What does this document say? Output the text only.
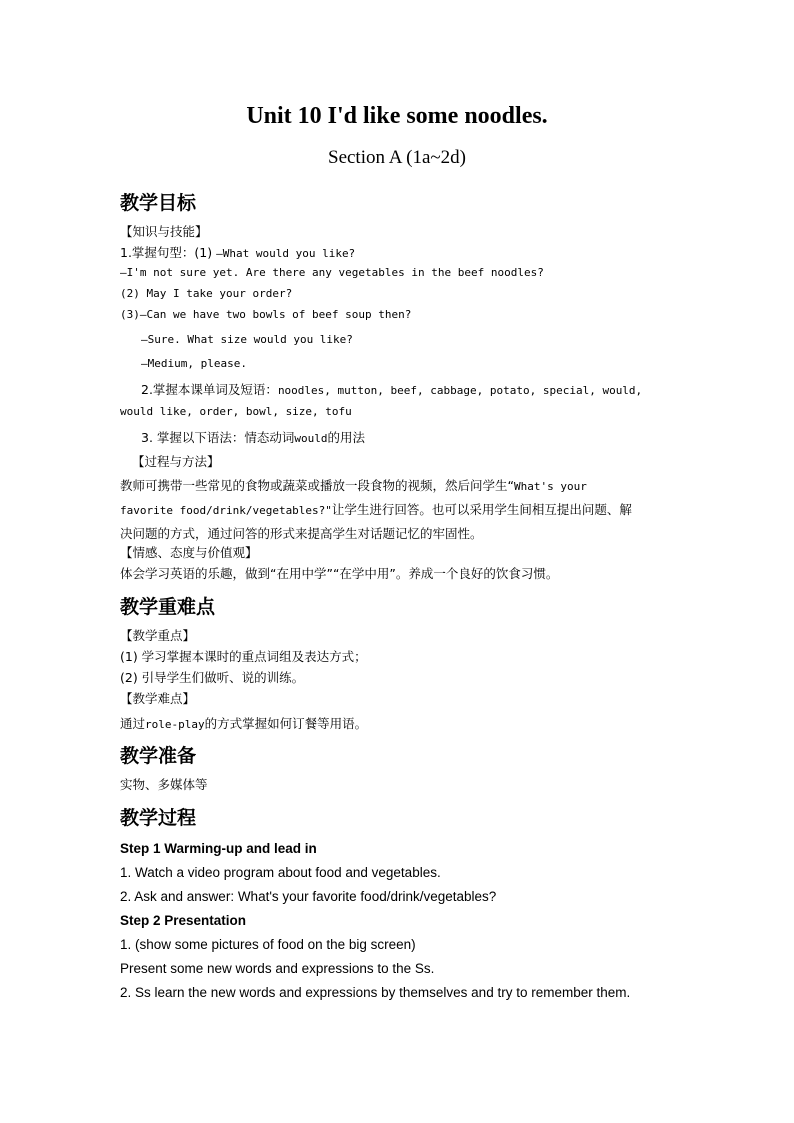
Unit 10 I'd like some noodles.

Section A (1a~2d)

教学目标

【知识与技能】

1.掌握句型：(1) —What would you like?

—I'm not sure yet. Are there any vegetables in the beef noodles?

(2) May I take your order?

(3)—Can we have two bowls of beef soup then?

—Sure. What size would you like?

—Medium, please.

2.掌握本课单词及短语：noodles, mutton, beef, cabbage, potato, special, would,

would like, order, bowl, size, tofu

3. 掌握以下语法：情态动词would的用法

【过程与方法】

教师可携带一些常见的食物或蔬菜或播放一段食物的视频，然后问学生“What's your

favorite food/drink/vegetables?"让学生进行回答。也可以采用学生间相互提出问题、解

决问题的方式，通过问答的形式来提高学生对话题记忆的牢固性。

【情感、态度与价值观】

体会学习英语的乐趣，做到“在用中学”“在学中用”。养成一个良好的饮食习惯。

教学重难点

【教学重点】

(1) 学习掌握本课时的重点词组及表达方式；

(2) 引导学生们做听、说的训练。

【教学难点】

通过role-play的方式掌握如何订餐等用语。

教学准备

实物、多媒体等

教学过程

Step 1 Warming-up and lead in

1. Watch a video program about food and vegetables.

2. Ask and answer: What's your favorite food/drink/vegetables?

Step 2 Presentation

1. (show some pictures of food on the big screen)

Present some new words and expressions to the Ss.

2. Ss learn the new words and expressions by themselves and try to remember them.
